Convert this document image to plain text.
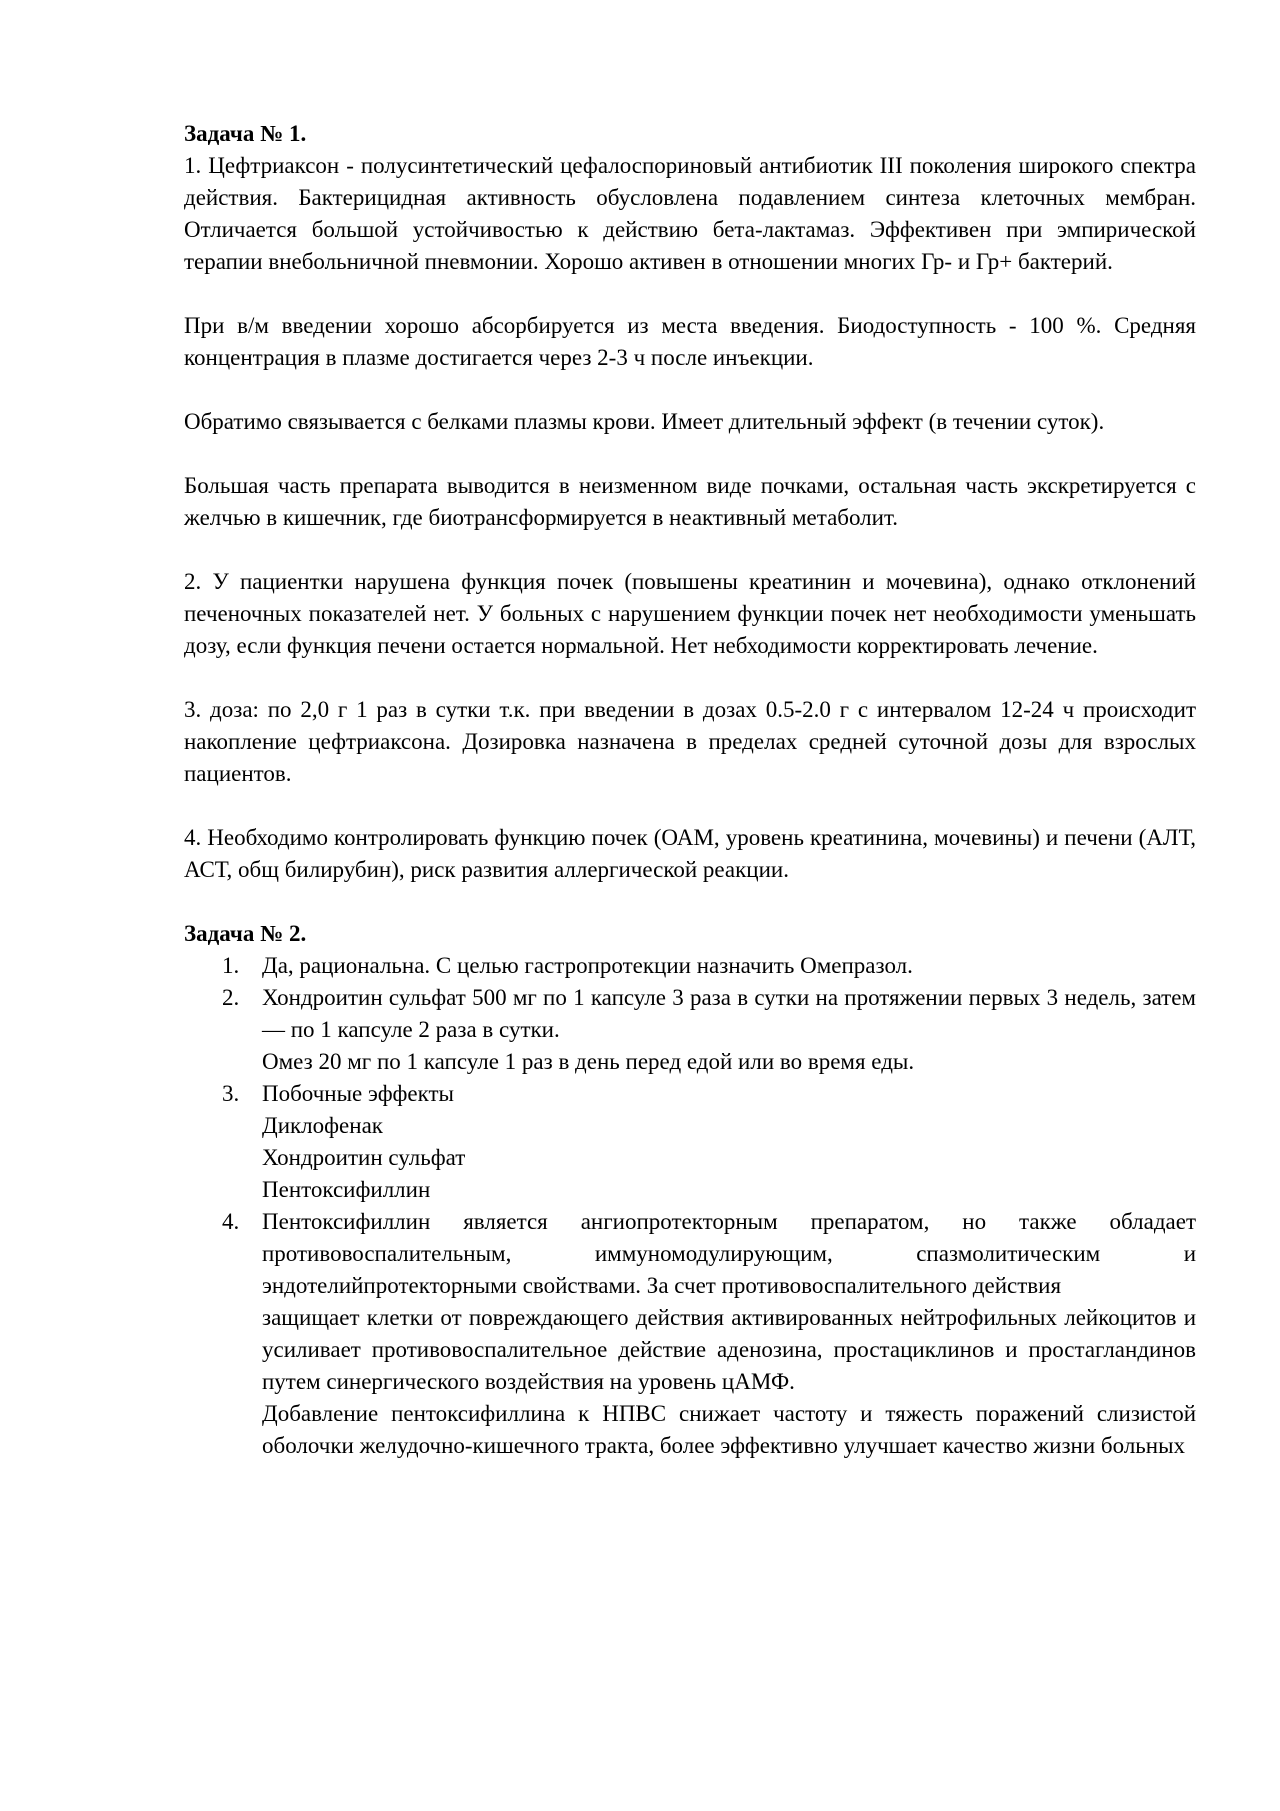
Задача № 1.

1. Цефтриаксон - полусинтетический цефалоспориновый антибиотик III поколения широкого спектра действия. Бактерицидная активность обусловлена подавлением синтеза клеточных мембран. Отличается большой устойчивостью к действию бета-лактамаз. Эффективен при эмпирической терапии внебольничной пневмонии. Хорошо активен в отношении многих Гр- и Гр+ бактерий.

При в/м введении хорошо абсорбируется из места введения. Биодоступность - 100 %. Средняя концентрация в плазме достигается через 2-3 ч после инъекции.

Обратимо связывается с белками плазмы крови. Имеет длительный эффект (в течении суток).

Большая часть препарата выводится в неизменном виде почками, остальная часть экскретируется с желчью в кишечник, где биотрансформируется в неактивный метаболит.

2. У пациентки нарушена функция почек (повышены креатинин и мочевина), однако отклонений печеночных показателей нет. У больных с нарушением функции почек нет необходимости уменьшать дозу, если функция печени остается нормальной. Нет небходимости корректировать лечение.

3. доза: по 2,0 г 1 раз в сутки т.к. при введении в дозах 0.5-2.0 г с интервалом 12-24 ч происходит накопление цефтриаксона. Дозировка назначена в пределах средней суточной дозы для взрослых пациентов.

4. Необходимо контролировать функцию почек (ОАМ, уровень креатинина, мочевины) и печени (АЛТ, АСТ, общ билирубин), риск развития аллергической реакции.

Задача № 2.

1. Да, рациональна. С целью гастропротекции назначить Омепразол.
2. Хондроитин сульфат 500 мг по 1 капсуле 3 раза в сутки на протяжении первых 3 недель, затем — по 1 капсуле 2 раза в сутки.
Омез 20 мг по 1 капсуле 1 раз в день перед едой или во время еды.
3. Побочные эффекты
Диклофенак
Хондроитин сульфат
Пентоксифиллин
4. Пентоксифиллин является ангиопротекторным препаратом, но также обладает противовоспалительным, иммуномодулирующим, спазмолитическим и эндотелийпротекторными свойствами. За счет противовоспалительного действия
защищает клетки от повреждающего действия активированных нейтрофильных лейкоцитов и усиливает противовоспалительное действие аденозина, простациклинов и простагландинов путем синергического воздействия на уровень цАМФ.
Добавление пентоксифиллина к НПВС снижает частоту и тяжесть поражений слизистой оболочки желудочно-кишечного тракта, более эффективно улучшает качество жизни больных
